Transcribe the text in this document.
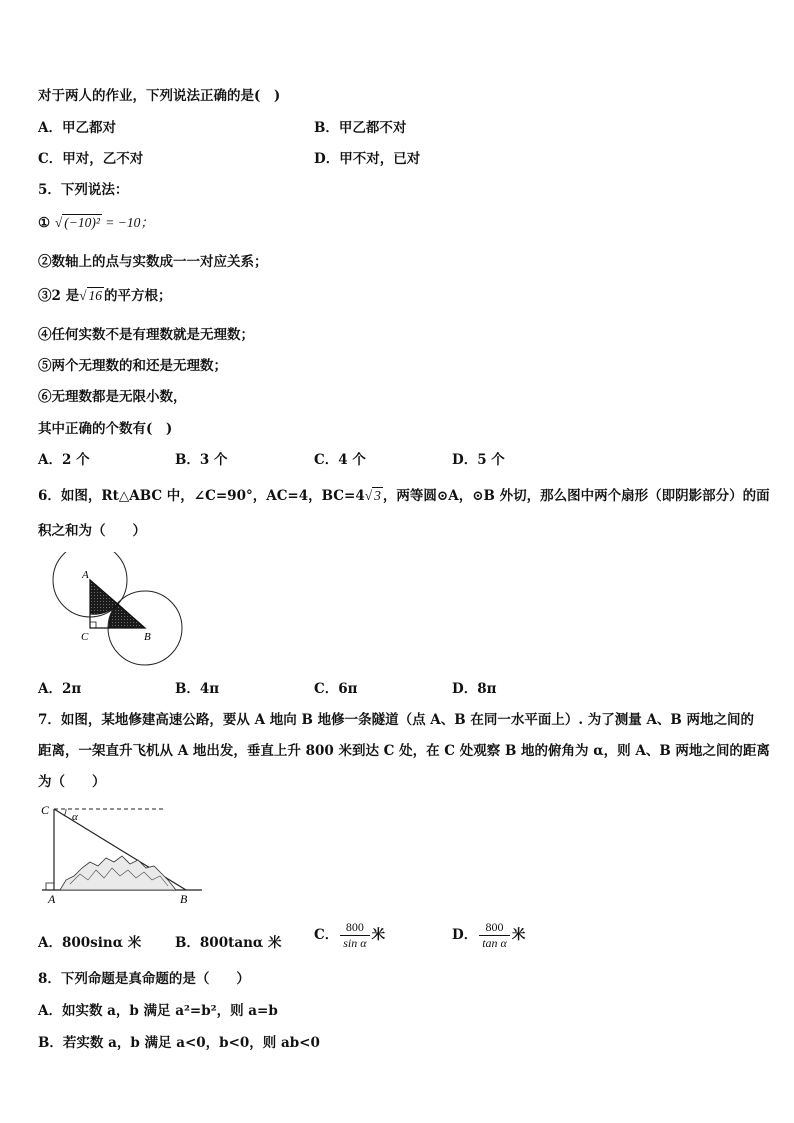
对于两人的作业，下列说法正确的是(　)
A．甲乙都对	B．甲乙都不对
C．甲对，乙不对	D．甲不对，已对
5．下列说法：
① √ (−10)² = −10；
②数轴上的点与实数成一一对应关系；
③2 是√ 16 的平方根；
④任何实数不是有理数就是无理数；
⑤两个无理数的和还是无理数；
⑥无理数都是无限小数，
其中正确的个数有(　)
A．2 个	B．3 个	C．4 个	D．5 个
6．如图，Rt△ABC 中，∠C=90°，AC=4，BC=4√ 3 ，两等圆⊙A，⊙B 外切，那么图中两个扇形（即阴影部分）的面
积之和为（　　）
A
C	B
A．2π	B．4π	C．6π	D．8π
7．如图，某地修建高速公路，要从 A 地向 B 地修一条隧道（点 A、B 在同一水平面上）. 为了测量 A、B 两地之间的
距离，一架直升飞机从 A 地出发，垂直上升 800 米到达 C 处，在 C 处观察 B 地的俯角为 α，则 A、B 两地之间的距离
为（　　）
C α
A	B
A．800sinα 米 B．800tanα 米 C． $\frac{800}{\text{sin α}}$ 米	D． $\frac{800}{\text{tan α}}$ 米
8．下列命题是真命题的是（　　）
A．如实数 a，b 满足 a²=b²，则 a=b
B．若实数 a，b 满足 a<0，b<0，则 ab<0
